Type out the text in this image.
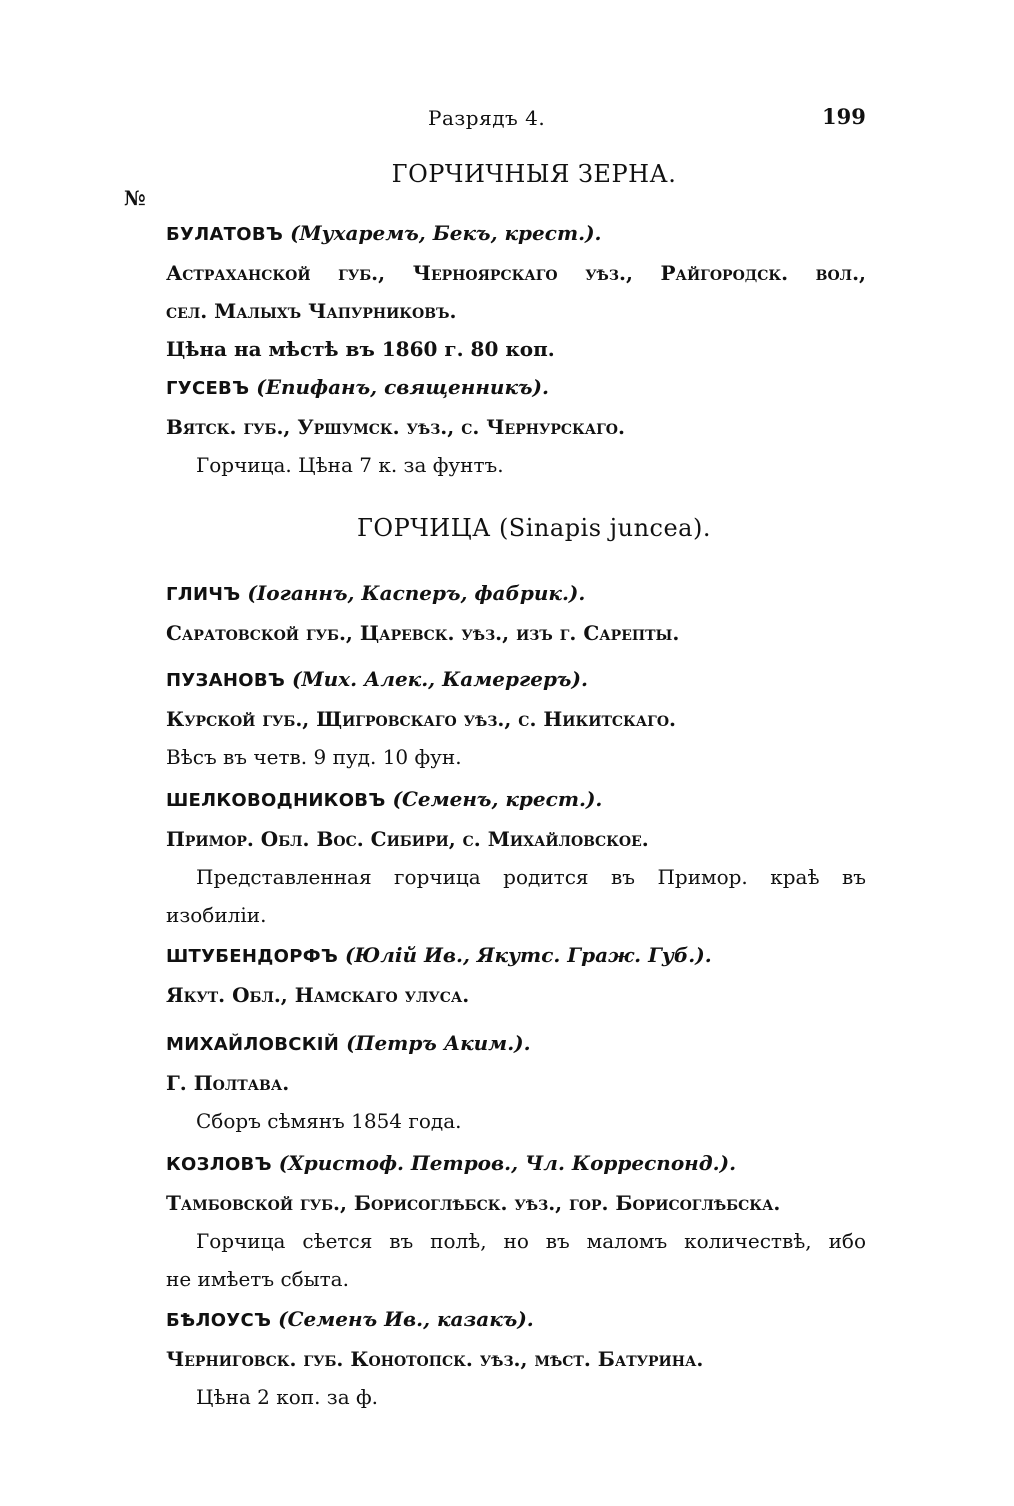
Разрядъ 4.	199
№
ГОРЧИЧНЫЯ ЗЕРНА.
БУЛАТОВЪ (Мухаремъ, Бекъ, крест.).
Астраханской губ., Черноярскаго уѣз., Райгородск. вол.,
сел. Малыхъ Чапурниковъ.
Цѣна на мѣстѣ въ 1860 г. 80 коп.
ГУСЕВЪ (Епифанъ, священникъ).
Вятск. губ., Уршумск. уѣз., с. Чернурскаго.
Горчица. Цѣна 7 к. за фунтъ.
ГОРЧИЦА (Sinapis juncea).
ГЛИЧЪ (Іоганнъ, Касперъ, фабрик.).
Саратовской губ., Царевск. уѣз., изъ г. Сарепты.
ПУЗАНОВЪ (Мих. Алек., Камергеръ).
Курской губ., Щигровскаго уѣз., с. Никитскаго.
Вѣсъ въ четв. 9 пуд. 10 фун.
ШЕЛКОВОДНИКОВЪ (Семенъ, крест.).
Примор. Обл. Вос. Сибири, с. Михайловское.
Представленная горчица родится въ Примор. краѣ въ
изобиліи.
ШТУБЕНДОРФЪ (Юлій Ив., Якутс. Граж. Губ.).
Якут. Обл., Намскаго улуса.
МИХАЙЛОВСКІЙ (Петръ Аким.).
Г. Полтава.
Сборъ сѣмянъ 1854 года.
КОЗЛОВЪ (Христоф. Петров., Чл. Корреспонд.).
Тамбовской губ., Борисоглѣбск. уѣз., гор. Борисоглѣбска.
Горчица сѣется въ полѣ, но въ маломъ количествѣ, ибо
не имѣетъ сбыта.
БѢЛОУСЪ (Семенъ Ив., казакъ).
Черниговск. губ. Конотопск. уѣз., мѣст. Батурина.
Цѣна 2 коп. за ф.
